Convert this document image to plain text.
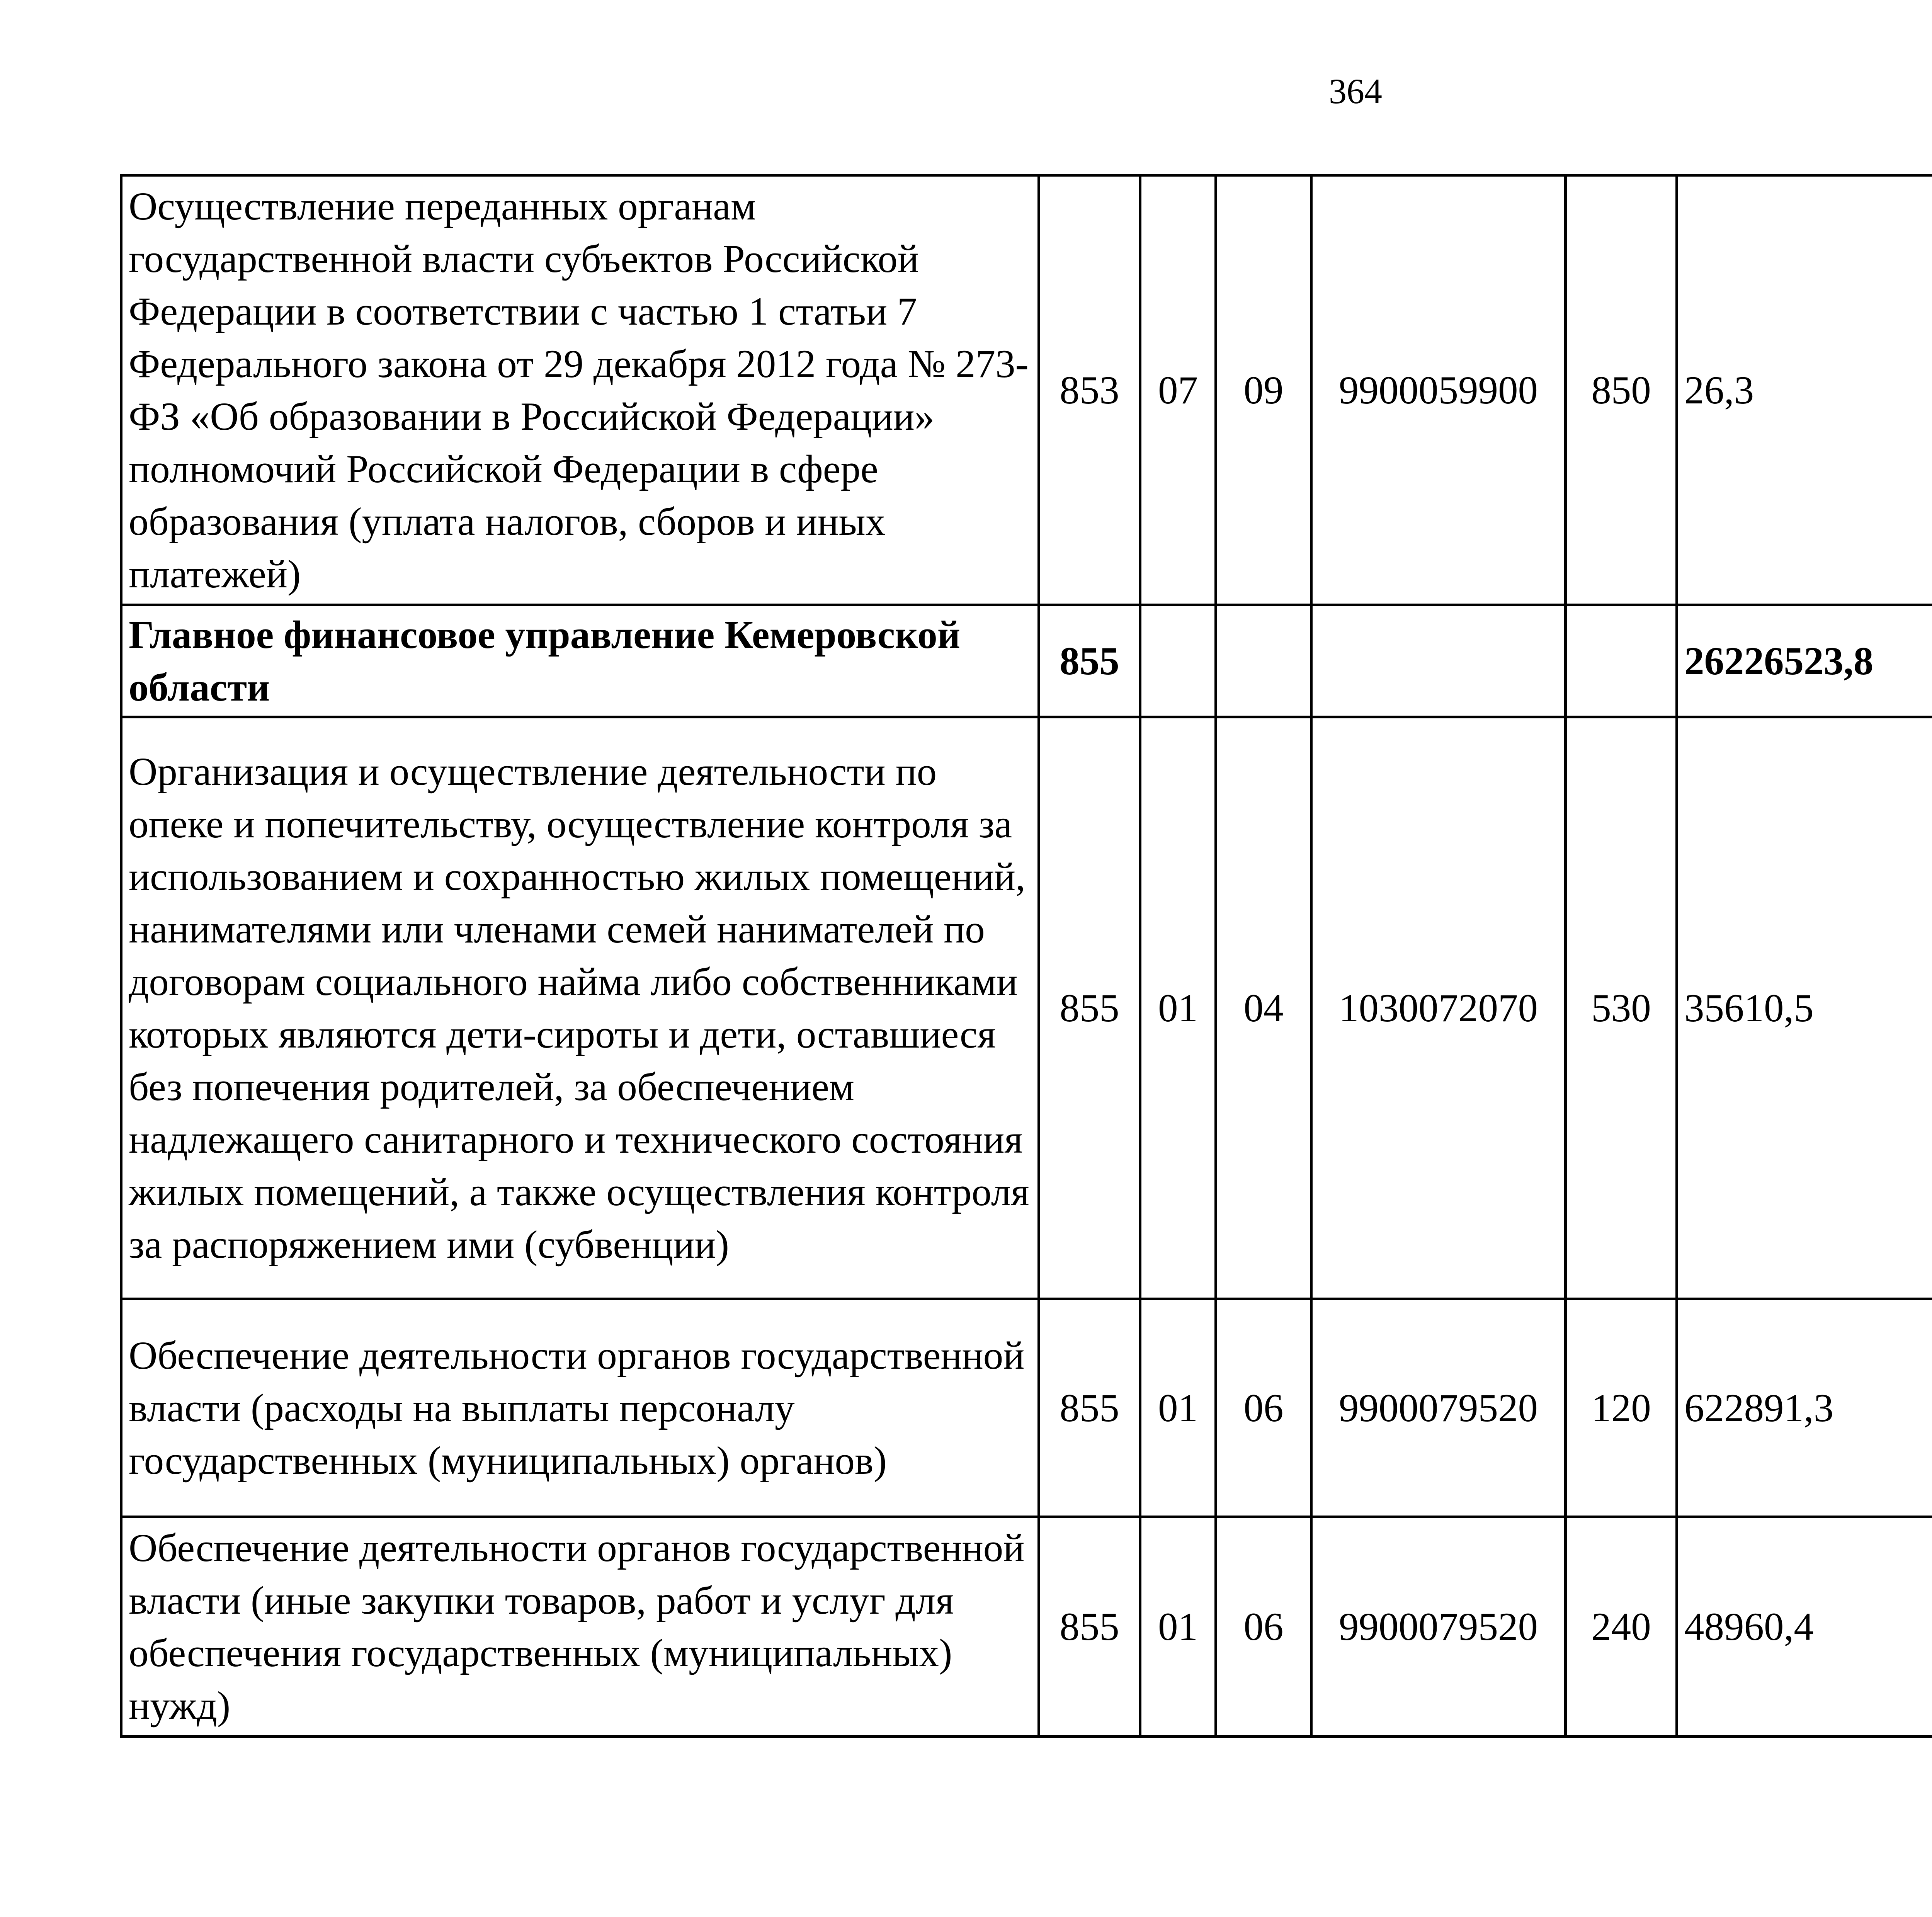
364
Осуществление переданных органам государственной власти субъектов Российской Федерации в соответствии с частью 1 статьи 7 Федерального закона от 29 декабря 2012 года № 273-ФЗ «Об образовании в Российской Федерации» полномочий Российской Федерации в сфере образования (уплата налогов, сборов и иных платежей)	853	07	09	9900059900	850	26,3		
Главное финансовое управление Кемеровской области	855					26226523,8		
Организация и осуществление деятельности по опеке и попечительству, осуществление контроля за использованием и сохранностью жилых помещений, нанимателями или членами семей нанимателей по договорам социального найма либо собственниками которых являются дети-сироты и дети, оставшиеся без попечения родителей, за обеспечением надлежащего санитарного и технического состояния жилых помещений, а также осуществления контроля за распоряжением ими (субвенции)	855	01	04	1030072070	530	35610,5		
Обеспечение деятельности органов государственной власти (расходы на выплаты персоналу государственных (муниципальных) органов)	855	01	06	9900079520	120	622891,3		
Обеспечение деятельности органов государственной власти (иные закупки товаров, работ и услуг для обеспечения государственных (муниципальных) нужд)	855	01	06	9900079520	240	48960,4		
